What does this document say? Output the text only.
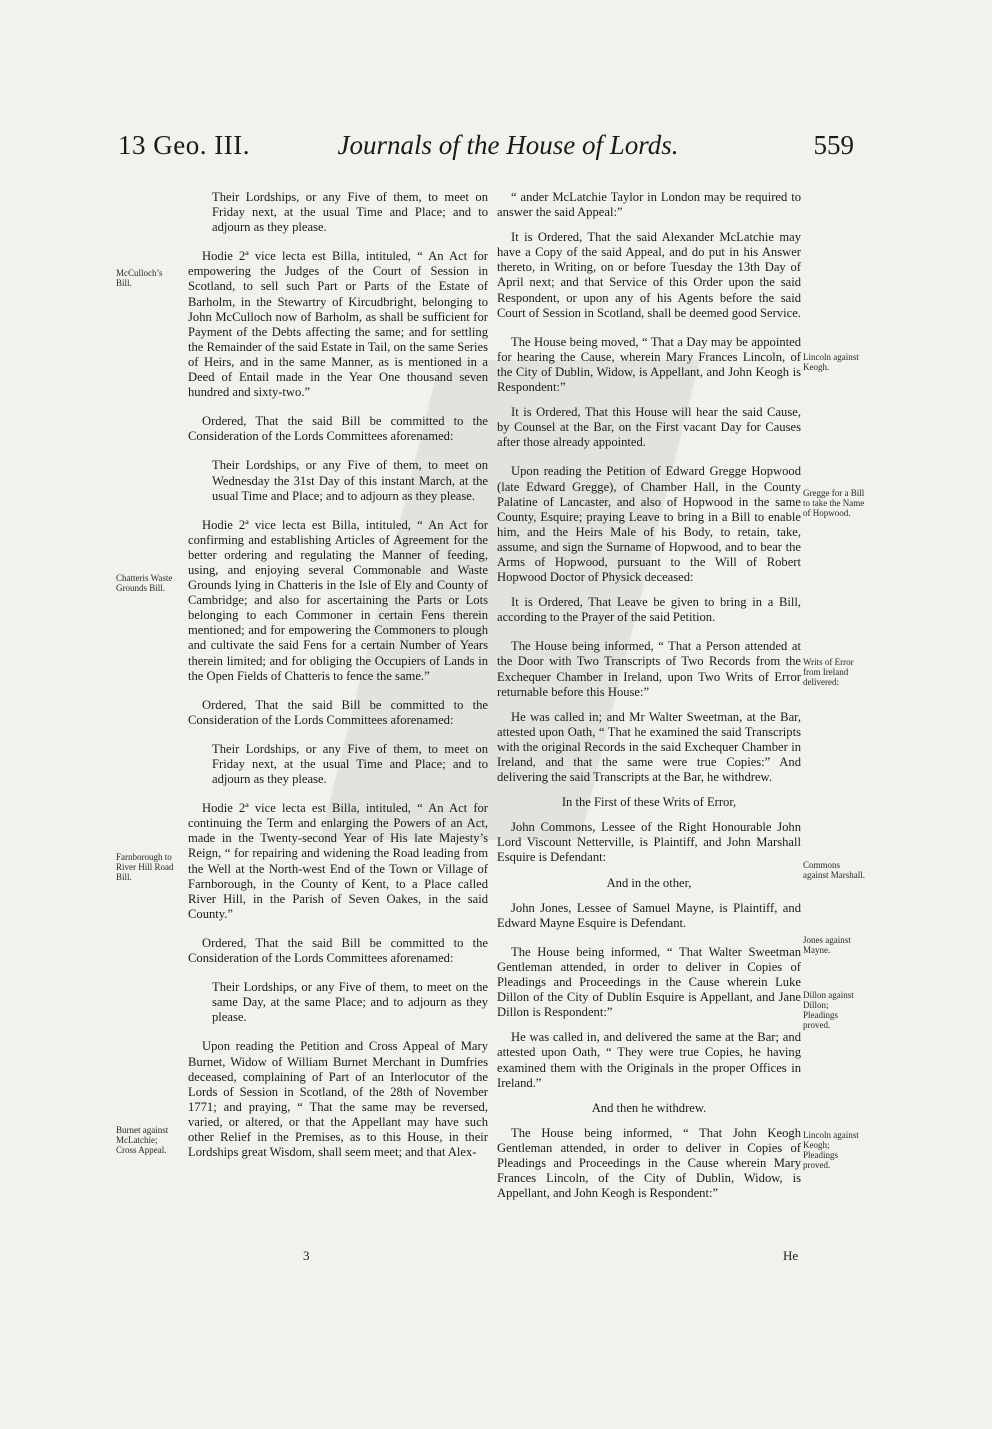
13 Geo. III.	Journals of the House of Lords.	559
McCulloch’s Bill.
Chatteris Waste Grounds Bill.
Farnborough to River Hill Road Bill.
Burnet against McLatchie; Cross Appeal.
Lincoln against Keogh.
Gregge for a Bill to take the Name of Hopwood.
Writs of Error from Ireland delivered:
Commons against Marshall.
Jones against Mayne.
Dillon against Dillon; Pleadings proved.
Lincoln against Keogh; Pleadings proved.

Their Lordships, or any Five of them, to meet on Friday next, at the usual Time and Place; and to adjourn as they please.

Hodie 2ª vice lecta est Billa, intituled, “ An Act for empowering the Judges of the Court of Session in Scotland, to sell such Part or Parts of the Estate of Barholm, in the Stewartry of Kircudbright, belonging to John McCulloch now of Barholm, as shall be sufficient for Payment of the Debts affecting the same; and for settling the Remainder of the said Estate in Tail, on the same Series of Heirs, and in the same Manner, as is mentioned in a Deed of Entail made in the Year One thousand seven hundred and sixty-two.”

Ordered, That the said Bill be committed to the Consideration of the Lords Committees aforenamed:

Their Lordships, or any Five of them, to meet on Wednesday the 31st Day of this instant March, at the usual Time and Place; and to adjourn as they please.

Hodie 2ª vice lecta est Billa, intituled, “ An Act for confirming and establishing Articles of Agreement for the better ordering and regulating the Manner of feeding, using, and enjoying several Commonable and Waste Grounds lying in Chatteris in the Isle of Ely and County of Cambridge; and also for ascertaining the Parts or Lots belonging to each Commoner in certain Fens therein mentioned; and for empowering the Commoners to plough and cultivate the said Fens for a certain Number of Years therein limited; and for obliging the Occupiers of Lands in the Open Fields of Chatteris to fence the same.”

Ordered, That the said Bill be committed to the Consideration of the Lords Committees aforenamed:

Their Lordships, or any Five of them, to meet on Friday next, at the usual Time and Place; and to adjourn as they please.

Hodie 2ª vice lecta est Billa, intituled, “ An Act for continuing the Term and enlarging the Powers of an Act, made in the Twenty-second Year of His late Majesty’s Reign, “ for repairing and widening the Road leading from the Well at the North-west End of the Town or Village of Farnborough, in the County of Kent, to a Place called River Hill, in the Parish of Seven Oakes, in the said County.”

Ordered, That the said Bill be committed to the Consideration of the Lords Committees aforenamed:

Their Lordships, or any Five of them, to meet on the same Day, at the same Place; and to adjourn as they please.

Upon reading the Petition and Cross Appeal of Mary Burnet, Widow of William Burnet Merchant in Dumfries deceased, complaining of Part of an Interlocutor of the Lords of Session in Scotland, of the 28th of November 1771; and praying, “ That the same may be reversed, varied, or altered, or that the Appellant may have such other Relief in the Premises, as to this House, in their Lordships great Wisdom, shall seem meet; and that Alex-

“ ander McLatchie Taylor in London may be required to answer the said Appeal:”

It is Ordered, That the said Alexander McLatchie may have a Copy of the said Appeal, and do put in his Answer thereto, in Writing, on or before Tuesday the 13th Day of April next; and that Service of this Order upon the said Respondent, or upon any of his Agents before the said Court of Session in Scotland, shall be deemed good Service.

The House being moved, “ That a Day may be appointed for hearing the Cause, wherein Mary Frances Lincoln, of the City of Dublin, Widow, is Appellant, and John Keogh is Respondent:”

It is Ordered, That this House will hear the said Cause, by Counsel at the Bar, on the First vacant Day for Causes after those already appointed.

Upon reading the Petition of Edward Gregge Hopwood (late Edward Gregge), of Chamber Hall, in the County Palatine of Lancaster, and also of Hopwood in the same County, Esquire; praying Leave to bring in a Bill to enable him, and the Heirs Male of his Body, to retain, take, assume, and sign the Surname of Hopwood, and to bear the Arms of Hopwood, pursuant to the Will of Robert Hopwood Doctor of Physick deceased:

It is Ordered, That Leave be given to bring in a Bill, according to the Prayer of the said Petition.

The House being informed, “ That a Person attended at the Door with Two Transcripts of Two Records from the Exchequer Chamber in Ireland, upon Two Writs of Error returnable before this House:”

He was called in; and Mr Walter Sweetman, at the Bar, attested upon Oath, “ That he examined the said Transcripts with the original Records in the said Exchequer Chamber in Ireland, and that the same were true Copies:” And delivering the said Transcripts at the Bar, he withdrew.

In the First of these Writs of Error,

John Commons, Lessee of the Right Honourable John Lord Viscount Netterville, is Plaintiff, and John Marshall Esquire is Defendant:

And in the other,

John Jones, Lessee of Samuel Mayne, is Plaintiff, and Edward Mayne Esquire is Defendant.

The House being informed, “ That Walter Sweetman Gentleman attended, in order to deliver in Copies of Pleadings and Proceedings in the Cause wherein Luke Dillon of the City of Dublin Esquire is Appellant, and Jane Dillon is Respondent:”

He was called in, and delivered the same at the Bar; and attested upon Oath, “ They were true Copies, he having examined them with the Originals in the proper Offices in Ireland.”

And then he withdrew.

The House being informed, “ That John Keogh Gentleman attended, in order to deliver in Copies of Pleadings and Proceedings in the Cause wherein Mary Frances Lincoln, of the City of Dublin, Widow, is Appellant, and John Keogh is Respondent:”

3	He
